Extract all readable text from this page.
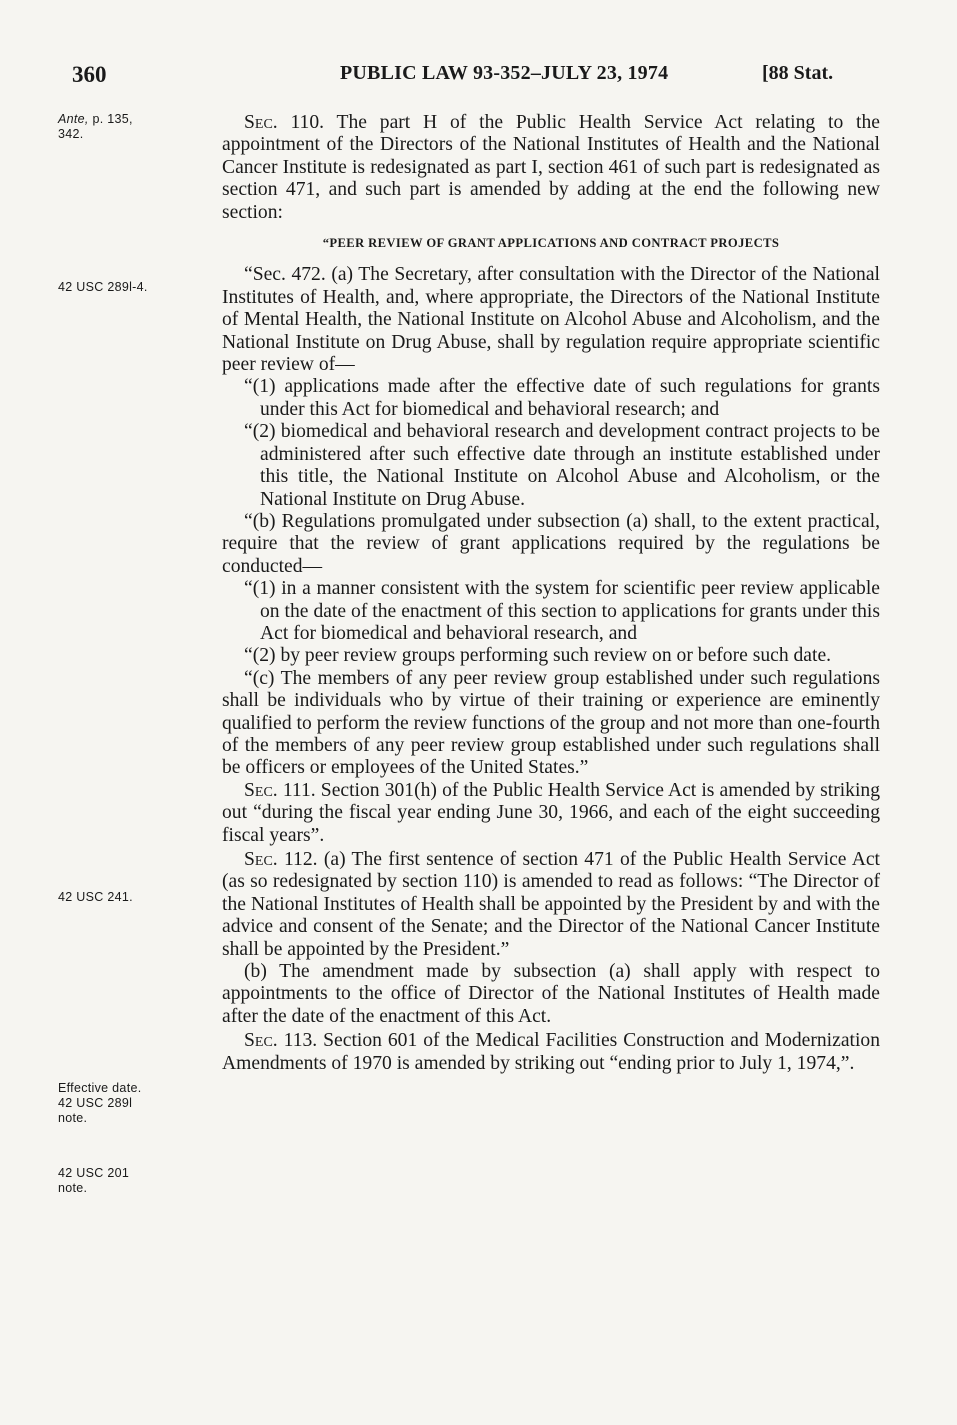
360	PUBLIC LAW 93-352–JULY 23, 1974	[88 Stat.
Ante, p. 135,
342.
42 USC 289l-4.
42 USC 241.
Effective date.
42 USC 289l
note.
42 USC 201
note.

Sec. 110. The part H of the Public Health Service Act relating to the appointment of the Directors of the National Institutes of Health and the National Cancer Institute is redesignated as part I, section 461 of such part is redesignated as section 471, and such part is amended by adding at the end the following new section:

“PEER REVIEW OF GRANT APPLICATIONS AND CONTRACT PROJECTS

“Sec. 472. (a) The Secretary, after consultation with the Director of the National Institutes of Health, and, where appropriate, the Directors of the National Institute of Mental Health, the National Institute on Alcohol Abuse and Alcoholism, and the National Institute on Drug Abuse, shall by regulation require appropriate scientific peer review of—

“(1) applications made after the effective date of such regulations for grants under this Act for biomedical and behavioral research; and

“(2) biomedical and behavioral research and development contract projects to be administered after such effective date through an institute established under this title, the National Institute on Alcohol Abuse and Alcoholism, or the National Institute on Drug Abuse.

“(b) Regulations promulgated under subsection (a) shall, to the extent practical, require that the review of grant applications required by the regulations be conducted—

“(1) in a manner consistent with the system for scientific peer review applicable on the date of the enactment of this section to applications for grants under this Act for biomedical and behavioral research, and

“(2) by peer review groups performing such review on or before such date.

“(c) The members of any peer review group established under such regulations shall be individuals who by virtue of their training or experience are eminently qualified to perform the review functions of the group and not more than one-fourth of the members of any peer review group established under such regulations shall be officers or employees of the United States.”

Sec. 111. Section 301(h) of the Public Health Service Act is amended by striking out “during the fiscal year ending June 30, 1966, and each of the eight succeeding fiscal years”.

Sec. 112. (a) The first sentence of section 471 of the Public Health Service Act (as so redesignated by section 110) is amended to read as follows: “The Director of the National Institutes of Health shall be appointed by the President by and with the advice and consent of the Senate; and the Director of the National Cancer Institute shall be appointed by the President.”

(b) The amendment made by subsection (a) shall apply with respect to appointments to the office of Director of the National Institutes of Health made after the date of the enactment of this Act.

Sec. 113. Section 601 of the Medical Facilities Construction and Modernization Amendments of 1970 is amended by striking out “ending prior to July 1, 1974,”.
